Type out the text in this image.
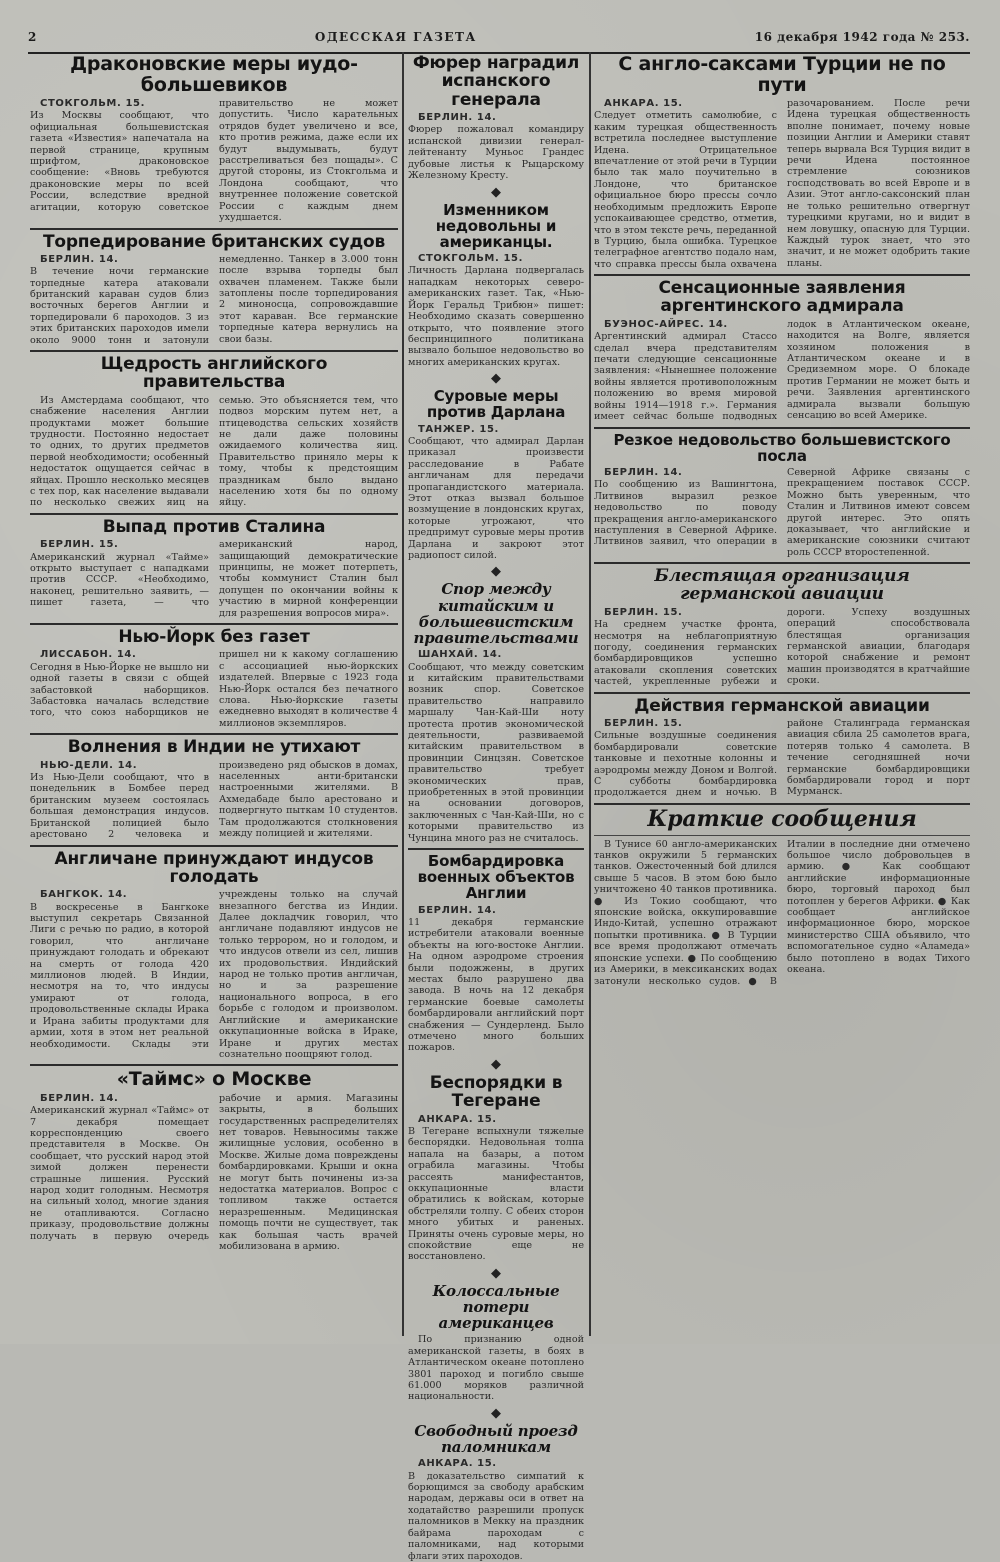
2	ОДЕССКАЯ ГАЗЕТА	16 декабря 1942 года № 253.
Драконовские меры иудо-большевиков
СТОКГОЛЬМ. 15.
Из Москвы сообщают, что официальная большевистская газета «Известия» напечатала на первой странице, крупным шрифтом, драконовское сообщение: «Вновь требуются драконовские меры по всей России, вследствие вредной агитации, которую советское правительство не может допустить. Число карательных отрядов будет увеличено и все, кто против режима, даже если их будут выдумывать, будут расстреливаться без пощады». С другой стороны, из Стокгольма и Лондона сообщают, что внутреннее положение советской России с каждым днем ухудшается.
Торпедирование британских судов
БЕРЛИН. 14.
В течение ночи германские торпедные катера атаковали британский караван судов близ восточных берегов Англии и торпедировали 6 пароходов. 3 из этих британских пароходов имели около 9000 тонн и затонули немедленно. Танкер в 3.000 тонн после взрыва торпеды был охвачен пламенем. Также были затоплены после торпедирования 2 миноносца, сопровождавшие этот караван. Все германские торпедные катера вернулись на свои базы.
Щедрость английского правительства
Из Амстердама сообщают, что снабжение населения Англии продуктами может большие трудности. Постоянно недостает то одних, то других предметов первой необходимости; особенный недостаток ощущается сейчас в яйцах. Прошло несколько месяцев с тех пор, как население выдавали по несколько свежих яиц на семью. Это объясняется тем, что подвоз морским путем нет, а птицеводства сельских хозяйств не дали даже половины ожидаемого количества яиц. Правительство приняло меры к тому, чтобы к предстоящим праздникам было выдано населению хотя бы по одному яйцу.
Выпад против Сталина
БЕРЛИН. 15.
Американский журнал «Тайме» открыто выступает с нападками против СССР. «Необходимо, наконец, решительно заявить, — пишет газета, — что американский народ, защищающий демократические принципы, не может потерпеть, чтобы коммунист Сталин был допущен по окончании войны к участию в мирной конференции для разрешения вопросов мира».
Нью-Йорк без газет
ЛИССАБОН. 14.
Сегодня в Нью-Йорке не вышло ни одной газеты в связи с общей забастовкой наборщиков. Забастовка началась вследствие того, что союз наборщиков не пришел ни к какому соглашению с ассоциацией нью-йоркских издателей. Впервые с 1923 года Нью-Йорк остался без печатного слова. Нью-йоркские газеты ежедневно выходят в количестве 4 миллионов экземпляров.
Волнения в Индии не утихают
НЬЮ-ДЕЛИ. 14.
Из Нью-Дели сообщают, что в понедельник в Бомбее перед британским музеем состоялась большая демонстрация индусов. Британской полицией было арестовано 2 человека и произведено ряд обысков в домах, населенных анти-британски настроенными жителями. В Ахмедабаде было арестовано и подвергнуто пыткам 10 студентов. Там продолжаются столкновения между полицией и жителями.
Англичане принуждают индусов голодать
БАНГКОК. 14.
В воскресенье в Бангкоке выступил секретарь Связанной Лиги с речью по радио, в которой говорил, что англичане принуждают голодать и обрекают на смерть от голода 420 миллионов людей. В Индии, несмотря на то, что индусы умирают от голода, продовольственные склады Ирака и Ирана забиты продуктами для армии, хотя в этом нет реальной необходимости. Склады эти учреждены только на случай внезапного бегства из Индии. Далее докладчик говорил, что англичане подавляют индусов не только террором, но и голодом, и что индусов отвели из сел, лишив их продовольствия. Индийский народ не только против англичан, но и за разрешение национального вопроса, в его борьбе с голодом и произволом. Английские и американские оккупационные войска в Ираке, Иране и других местах сознательно поощряют голод.
«Таймс» о Москве
БЕРЛИН. 14.
Американский журнал «Таймс» от 7 декабря помещает корреспонденцию своего представителя в Москве. Он сообщает, что русский народ этой зимой должен перенести страшные лишения. Русский народ ходит голодным. Несмотря на сильный холод, многие здания не отапливаются. Согласно приказу, продовольствие должны получать в первую очередь рабочие и армия. Магазины закрыты, в больших государственных распределителях нет товаров. Невыносимы также жилищные условия, особенно в Москве. Жилые дома повреждены бомбардировками. Крыши и окна не могут быть починены из-за недостатка материалов. Вопрос с топливом также остается неразрешенным. Медицинская помощь почти не существует, так как большая часть врачей мобилизована в армию.
Фюрер наградил испанского генерала
БЕРЛИН. 14.
Фюрер пожаловал командиру испанской дивизии генерал-лейтенанту Муньос Грандес дубовые листья к Рыцарскому Железному Кресту.
◆
Изменником недовольны и американцы.
СТОКГОЛЬМ. 15.
Личность Дарлана подвергалась нападкам некоторых северо-американских газет. Так, «Нью-Йорк Геральд Трибюн» пишет: Необходимо сказать совершенно открыто, что появление этого беспринципного политикана вызвало большое недовольство во многих американских кругах.
◆
Суровые меры против Дарлана
ТАНЖЕР. 15.
Сообщают, что адмирал Дарлан приказал произвести расследование в Рабате англичанам для передачи пропагандистского материала. Этот отказ вызвал большое возмущение в лондонских кругах, которые угрожают, что предпримут суровые меры против Дарлана и закроют этот радиопост силой.
◆
Спор между китайским и большевистским правительствами
ШАНХАЙ. 14.
Сообщают, что между советским и китайским правительствами возник спор. Советское правительство направило маршалу Чан-Кай-Ши ноту протеста против экономической деятельности, развиваемой китайским правительством в провинции Синцзян. Советское правительство требует экономических прав, приобретенных в этой провинции на основании договоров, заключенных с Чан-Кай-Ши, но с которыми правительство из Чунцина много раз не считалось.
Бомбардировка военных объектов Англии
БЕРЛИН. 14.
11 декабря германские истребители атаковали военные объекты на юго-востоке Англии. На одном аэродроме строения были подожжены, в других местах было разрушено два завода. В ночь на 12 декабря германские боевые самолеты бомбардировали английский порт снабжения — Сундерленд. Было отмечено много больших пожаров.
◆
Беспорядки в Тегеране
АНКАРА. 15.
В Тегеране вспыхнули тяжелые беспорядки. Недовольная толпа напала на базары, а потом ограбила магазины. Чтобы рассеять манифестантов, оккупационные власти обратились к войскам, которые обстреляли толпу. С обеих сторон много убитых и раненых. Приняты очень суровые меры, но спокойствие еще не восстановлено.
◆
Колоссальные потери американцев
По признанию одной американской газеты, в боях в Атлантическом океане потоплено 3801 пароход и погибло свыше 61.000 моряков различной национальности.
◆
Свободный проезд паломникам
АНКАРА. 15.
В доказательство симпатий к борющимся за свободу арабским народам, державы оси в ответ на ходатайство разрешили пропуск паломников в Мекку на праздник байрама пароходам с паломниками, над которыми флаги этих пароходов.
С англо-саксами Турции не по пути
АНКАРА. 15.
Следует отметить самолюбие, с каким турецкая общественность встретила последнее выступление Идена. Отрицательное впечатление от этой речи в Турции было так мало поучительно в Лондоне, что британское официальное бюро прессы сочло необходимым предложить Европе успокаивающее средство, отметив, что в этом тексте речь, переданной в Турцию, была ошибка. Турецкое телеграфное агентство подало нам, что справка прессы была охвачена разочарованием. После речи Идена турецкая общественность вполне понимает, почему новые позиции Англии и Америки ставят теперь вырвала Вся Турция видит в речи Идена постоянное стремление союзников господствовать во всей Европе и в Азии. Этот англо-саксонский план не только решительно отвергнут турецкими кругами, но и видит в нем ловушку, опасную для Турции. Каждый турок знает, что это значит, и не может одобрить такие планы.
Сенсационные заявления аргентинского адмирала
БУЭНОС-АЙРЕС. 14.
Аргентинский адмирал Стассо сделал вчера представителям печати следующие сенсационные заявления: «Нынешнее положение войны является противоположным положению во время мировой войны 1914—1918 г.». Германия имеет сейчас больше подводных лодок в Атлантическом океане, находится на Волге, является хозяином положения в Атлантическом океане и в Средиземном море. О блокаде против Германии не может быть и речи. Заявления аргентинского адмирала вызвали большую сенсацию во всей Америке.
Резкое недовольство большевистского посла
БЕРЛИН. 14.
По сообщению из Вашингтона, Литвинов выразил резкое недовольство по поводу прекращения англо-американского наступления в Северной Африке. Литвинов заявил, что операции в Северной Африке связаны с прекращением поставок СССР. Можно быть уверенным, что Сталин и Литвинов имеют совсем другой интерес. Это опять доказывает, что английские и американские союзники считают роль СССР второстепенной.
Блестящая организация германской авиации
БЕРЛИН. 15.
На среднем участке фронта, несмотря на неблагоприятную погоду, соединения германских бомбардировщиков успешно атаковали скопления советских частей, укрепленные рубежи и дороги. Успеху воздушных операций способствовала блестящая организация германской авиации, благодаря которой снабжение и ремонт машин производятся в кратчайшие сроки.
Действия германской авиации
БЕРЛИН. 15.
Сильные воздушные соединения бомбардировали советские танковые и пехотные колонны и аэродромы между Доном и Волгой. С субботы бомбардировка продолжается днем и ночью. В районе Сталинграда германская авиация сбила 25 самолетов врага, потеряв только 4 самолета. В течение сегодняшней ночи германские бомбардировщики бомбардировали город и порт Мурманск.
Краткие сообщения
В Тунисе 60 англо-американских танков окружили 5 германских танков. Ожесточенный бой длился свыше 5 часов. В этом бою было уничтожено 40 танков противника. ● Из Токио сообщают, что японские войска, оккупировавшие Индо-Китай, успешно отражают попытки противника. ● В Турции все время продолжают отмечать японские успехи. ● По сообщению из Америки, в мексиканских водах затонули несколько судов. ● В Италии в последние дни отмечено большое число добровольцев в армию. ● Как сообщают английские информационные бюро, торговый пароход был потоплен у берегов Африки. ● Как сообщает английское информационное бюро, морское министерство США объявило, что вспомогательное судно «Аламеда» было потоплено в водах Тихого океана.
